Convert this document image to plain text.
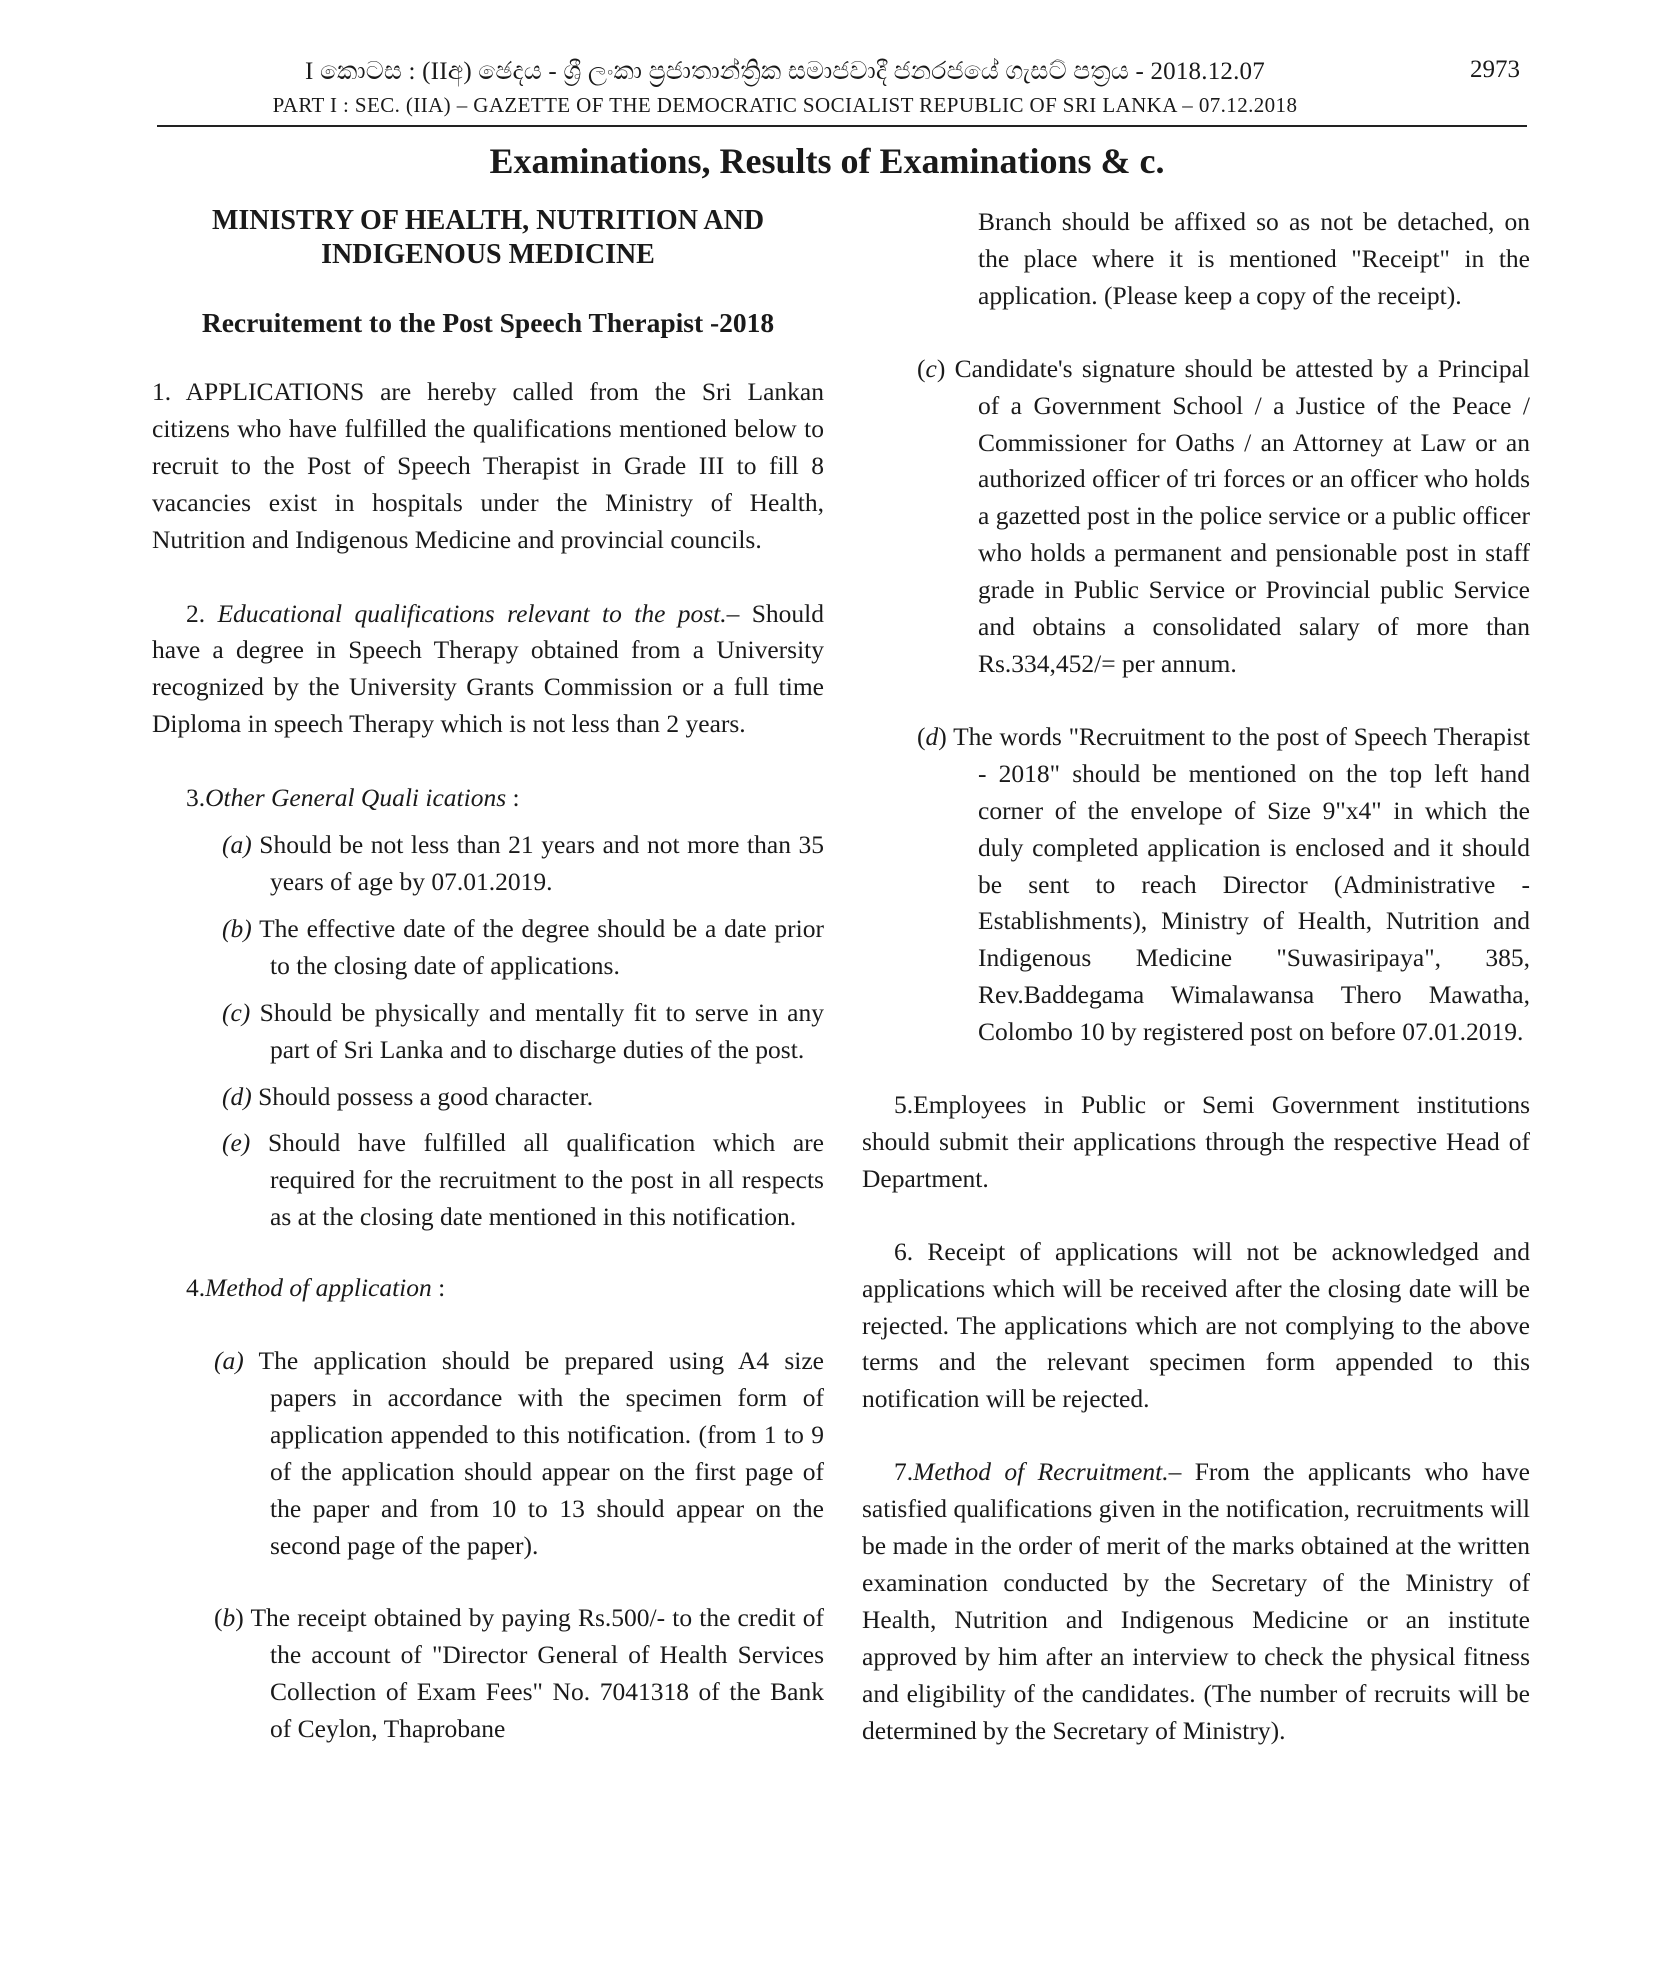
I කොටස : (IIඅ) ඡෙදය - ශ්‍රී ලංකා ප්‍රජාතාන්ත්‍රික සමාජවාදී ජනරජයේ ගැසට් පත්‍රය - 2018.12.07	2973
PART I : SEC. (IIA) – GAZETTE OF THE DEMOCRATIC SOCIALIST REPUBLIC OF SRI LANKA – 07.12.2018
Examinations, Results of Examinations & c.

MINISTRY OF HEALTH, NUTRITION AND

INDIGENOUS MEDICINE

Recruitement to the Post Speech Therapist -2018

1. APPLICATIONS are hereby called from the Sri Lankan citizens who have fulfilled the qualifications mentioned below to recruit to the Post of Speech Therapist in Grade III to fill 8 vacancies exist in hospitals under the Ministry of Health, Nutrition and Indigenous Medicine and provincial councils.

2. Educational qualifications relevant to the post.– Should have a degree in Speech Therapy obtained from a University recognized by the University Grants Commission or a full time Diploma in speech Therapy which is not less than 2 years.

3.Other General Quali ications :

(a) Should be not less than 21 years and not more than 35 years of age by 07.01.2019.

(b) The effective date of the degree should be a date prior to the closing date of applications.

(c) Should be physically and mentally fit to serve in any part of Sri Lanka and to discharge duties of the post.

(d) Should possess a good character.

(e) Should have fulfilled all qualification which are required for the recruitment to the post in all respects as at the closing date mentioned in this notification.

4.Method of application :

(a) The application should be prepared using A4 size papers in accordance with the specimen form of application appended to this notification. (from 1 to 9 of the application should appear on the first page of the paper and from 10 to 13 should appear on the second page of the paper).

(b) The receipt obtained by paying Rs.500/- to the credit of the account of "Director General of Health Services Collection of Exam Fees" No. 7041318 of the Bank of Ceylon, Thaprobane

Branch should be affixed so as not be detached, on the place where it is mentioned "Receipt" in the application. (Please keep a copy of the receipt).

(c) Candidate's signature should be attested by a Principal of a Government School / a Justice of the Peace / Commissioner for Oaths / an Attorney at Law or an authorized officer of tri forces or an officer who holds a gazetted post in the police service or a public officer who holds a permanent and pensionable post in staff grade in Public Service or Provincial public Service and obtains a consolidated salary of more than Rs.334,452/= per annum.

(d) The words "Recruitment to the post of Speech Therapist - 2018" should be mentioned on the top left hand corner of the envelope of Size 9"x4" in which the duly completed application is enclosed and it should be sent to reach Director (Administrative - Establishments), Ministry of Health, Nutrition and Indigenous Medicine "Suwasiripaya", 385, Rev.Baddegama Wimalawansa Thero Mawatha, Colombo 10 by registered post on before 07.01.2019.

5.Employees in Public or Semi Government institutions should submit their applications through the respective Head of Department.

6. Receipt of applications will not be acknowledged and applications which will be received after the closing date will be rejected. The applications which are not complying to the above terms and the relevant specimen form appended to this notification will be rejected.

7.Method of Recruitment.– From the applicants who have satisfied qualifications given in the notification, recruitments will be made in the order of merit of the marks obtained at the written examination conducted by the Secretary of the Ministry of Health, Nutrition and Indigenous Medicine or an institute approved by him after an interview to check the physical fitness and eligibility of the candidates. (The number of recruits will be determined by the Secretary of Ministry).
